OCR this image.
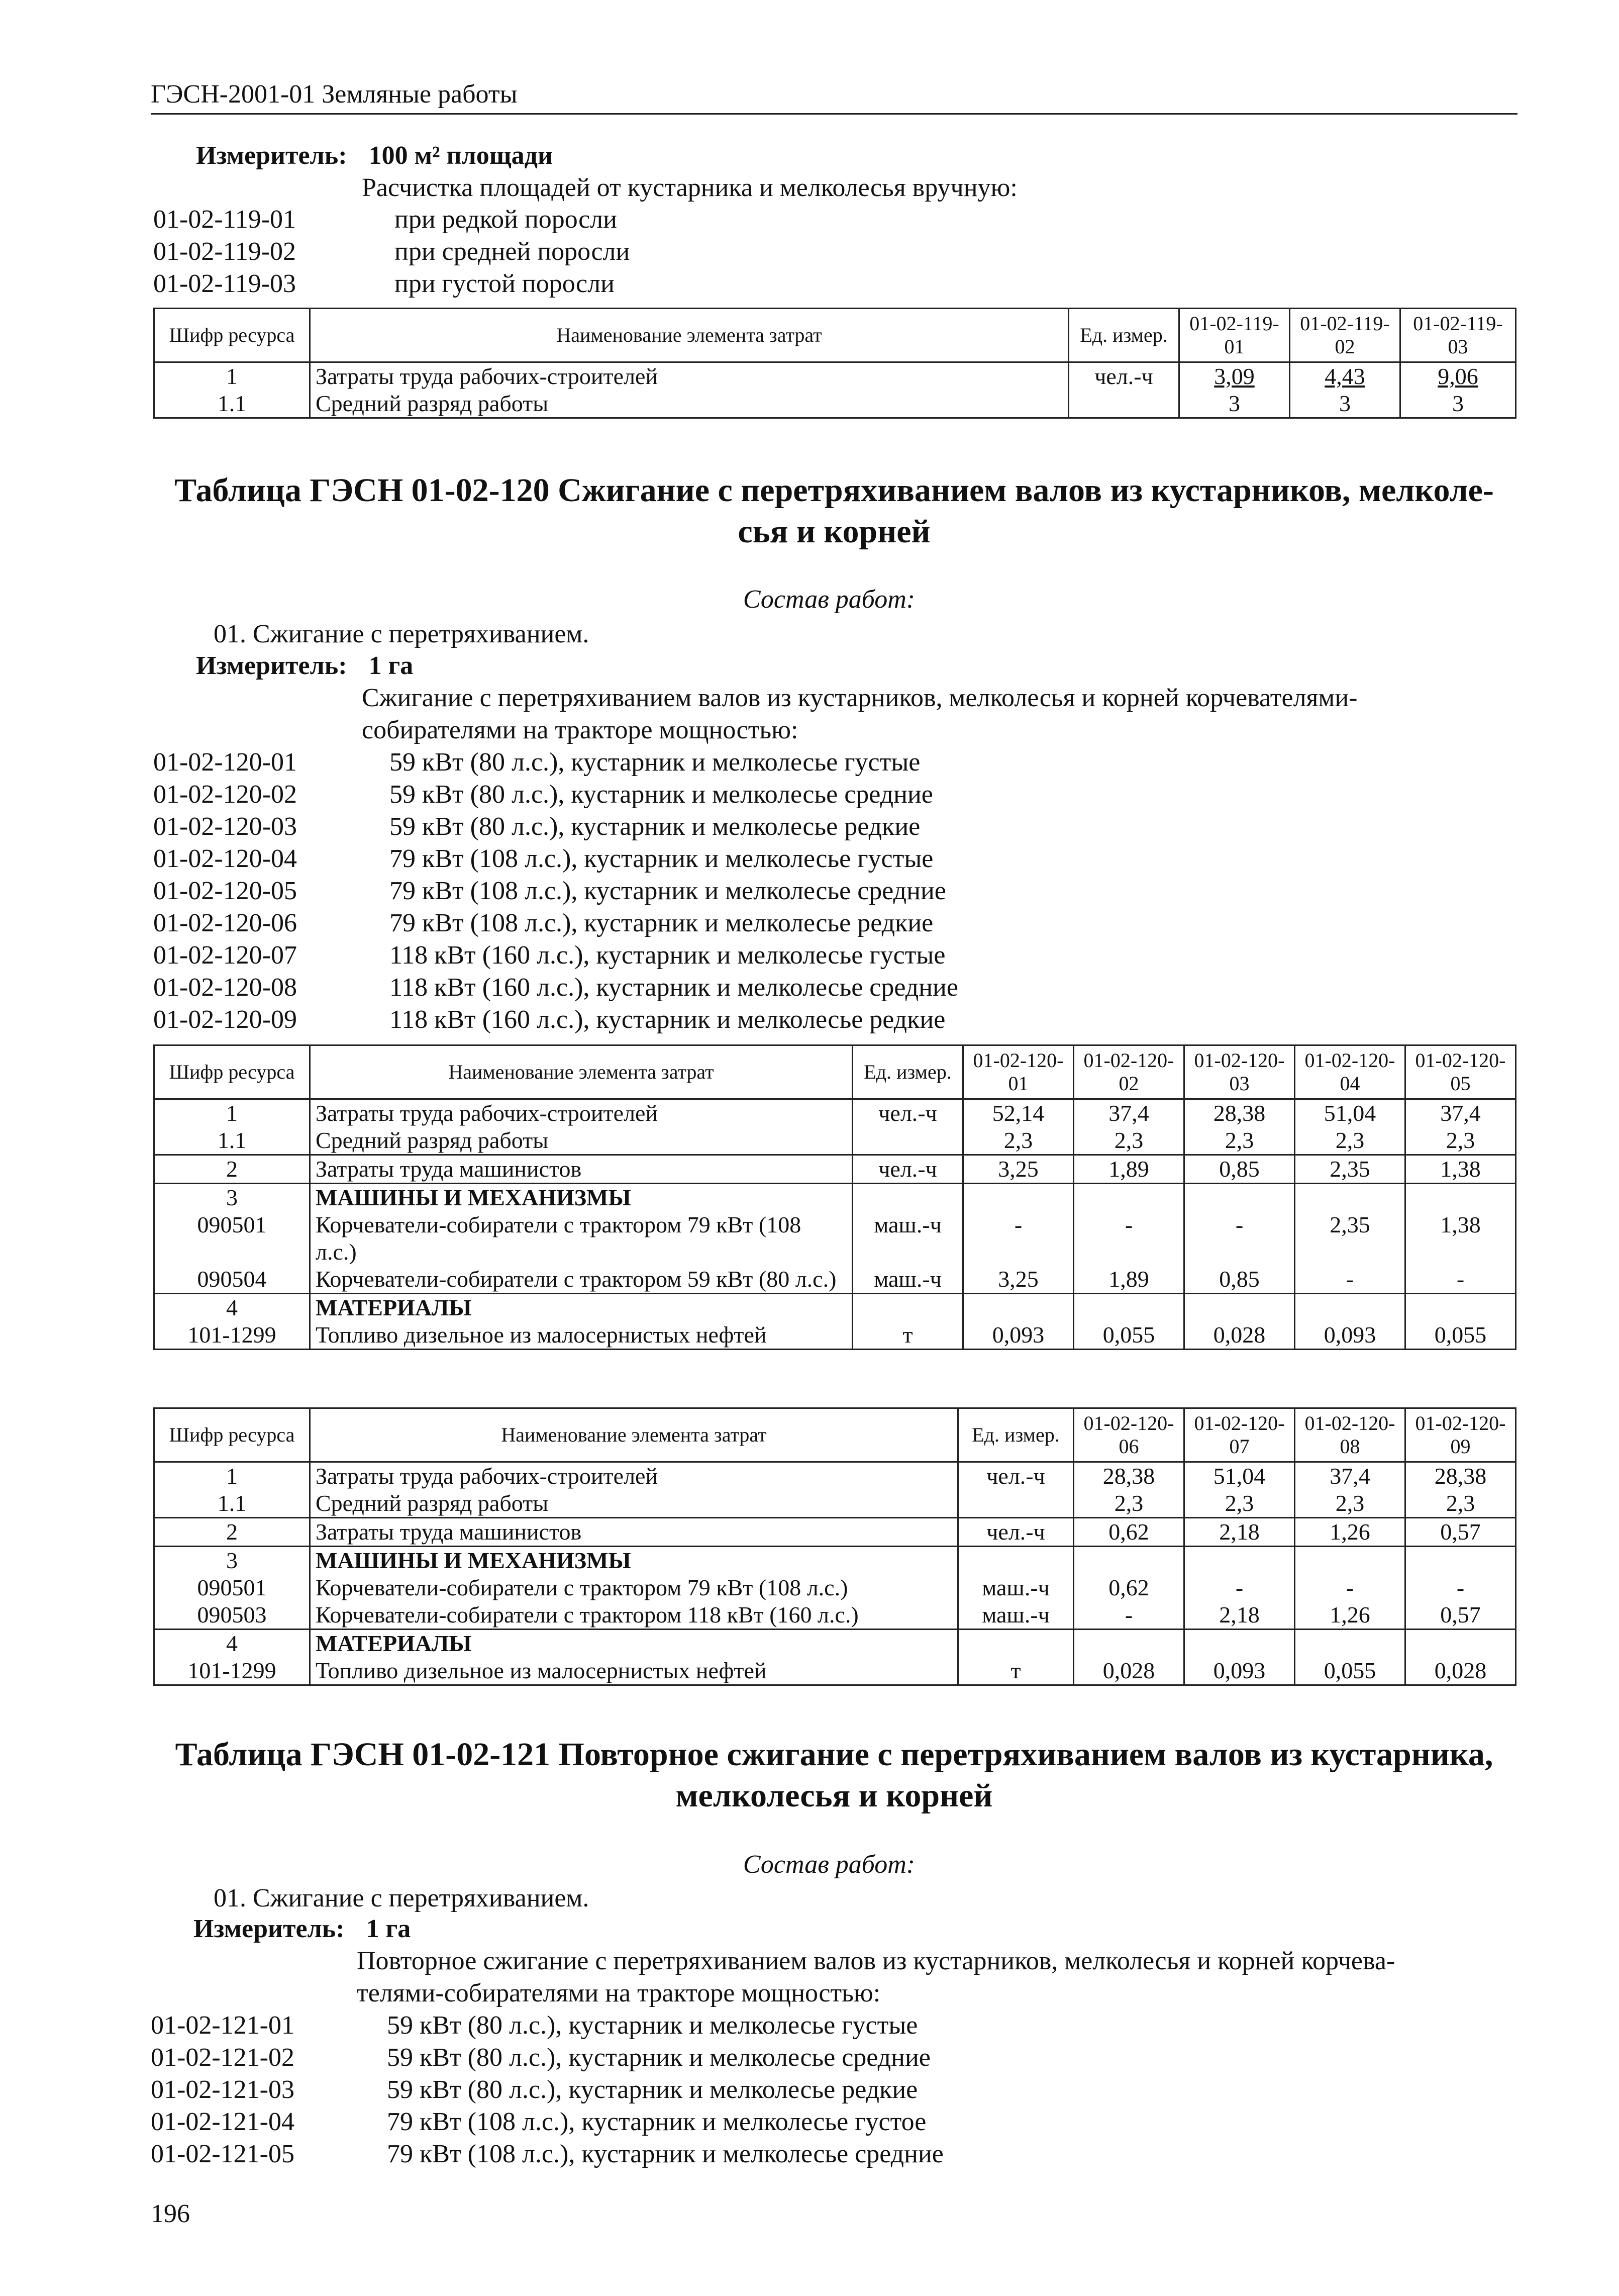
ГЭСН-2001-01 Земляные работы
Измеритель: 100 м² площади
Расчистка площадей от кустарника и мелколесья вручную:
01-02-119-01	при редкой поросли
01-02-119-02	при средней поросли
01-02-119-03	при густой поросли
Шифр ресурса	Наименование элемента затрат	Ед. измер.	01-02-119-01	01-02-119-02	01-02-119-03
1	Затраты труда рабочих-строителей	чел.-ч	3,09	4,43	9,06
1.1	Средний разряд работы		3	3	3
Таблица ГЭСН 01-02-120 Сжигание с перетряхиванием валов из кустарников, мелколе-
сья и корней
Состав работ:
01. Сжигание с перетряхиванием.
Измеритель: 1 га
Сжигание с перетряхиванием валов из кустарников, мелколесья и корней корчевателями-
собирателями на тракторе мощностью:
01-02-120-01	59 кВт (80 л.с.), кустарник и мелколесье густые
01-02-120-02	59 кВт (80 л.с.), кустарник и мелколесье средние
01-02-120-03	59 кВт (80 л.с.), кустарник и мелколесье редкие
01-02-120-04	79 кВт (108 л.с.), кустарник и мелколесье густые
01-02-120-05	79 кВт (108 л.с.), кустарник и мелколесье средние
01-02-120-06	79 кВт (108 л.с.), кустарник и мелколесье редкие
01-02-120-07	118 кВт (160 л.с.), кустарник и мелколесье густые
01-02-120-08	118 кВт (160 л.с.), кустарник и мелколесье средние
01-02-120-09	118 кВт (160 л.с.), кустарник и мелколесье редкие
Шифр ресурса	Наименование элемента затрат	Ед. измер.	01-02-120-01	01-02-120-02	01-02-120-03	01-02-120-04	01-02-120-05
1	Затраты труда рабочих-строителей	чел.-ч	52,14	37,4	28,38	51,04	37,4
1.1	Средний разряд работы		2,3	2,3	2,3	2,3	2,3
2	Затраты труда машинистов	чел.-ч	3,25	1,89	0,85	2,35	1,38
3	МАШИНЫ И МЕХАНИЗМЫ						
090501	Корчеватели-собиратели с трактором 79 кВт (108 л.с.)	маш.-ч	-	-	-	2,35	1,38
090504	Корчеватели-собиратели с трактором 59 кВт (80 л.с.)	маш.-ч	3,25	1,89	0,85	-	-
4	МАТЕРИАЛЫ						
101-1299	Топливо дизельное из малосернистых нефтей	т	0,093	0,055	0,028	0,093	0,055
Шифр ресурса	Наименование элемента затрат	Ед. измер.	01-02-120-06	01-02-120-07	01-02-120-08	01-02-120-09
1	Затраты труда рабочих-строителей	чел.-ч	28,38	51,04	37,4	28,38
1.1	Средний разряд работы		2,3	2,3	2,3	2,3
2	Затраты труда машинистов	чел.-ч	0,62	2,18	1,26	0,57
3	МАШИНЫ И МЕХАНИЗМЫ					
090501	Корчеватели-собиратели с трактором 79 кВт (108 л.с.)	маш.-ч	0,62	-	-	-
090503	Корчеватели-собиратели с трактором 118 кВт (160 л.с.)	маш.-ч	-	2,18	1,26	0,57
4	МАТЕРИАЛЫ					
101-1299	Топливо дизельное из малосернистых нефтей	т	0,028	0,093	0,055	0,028
Таблица ГЭСН 01-02-121 Повторное сжигание с перетряхиванием валов из кустарника,
мелколесья и корней
Состав работ:
01. Сжигание с перетряхиванием.
Измеритель: 1 га
Повторное сжигание с перетряхиванием валов из кустарников, мелколесья и корней корчева-
телями-собирателями на тракторе мощностью:
01-02-121-01	59 кВт (80 л.с.), кустарник и мелколесье густые
01-02-121-02	59 кВт (80 л.с.), кустарник и мелколесье средние
01-02-121-03	59 кВт (80 л.с.), кустарник и мелколесье редкие
01-02-121-04	79 кВт (108 л.с.), кустарник и мелколесье густое
01-02-121-05	79 кВт (108 л.с.), кустарник и мелколесье средние
196
